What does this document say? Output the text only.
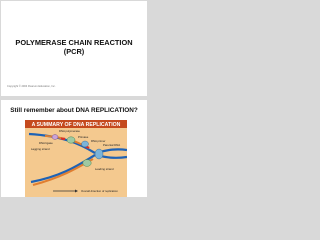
POLYMERASE CHAIN REACTION
(PCR)
Copyright © 2004 Pearson Education, Inc.
Still remember about DNA REPLICATION?
A SUMMARY OF DNA REPLICATION
DNA polymerase
Primase
Parental DNA
RNA primer
DNA ligase
Lagging strand
Leading strand
Overall direction of replication
